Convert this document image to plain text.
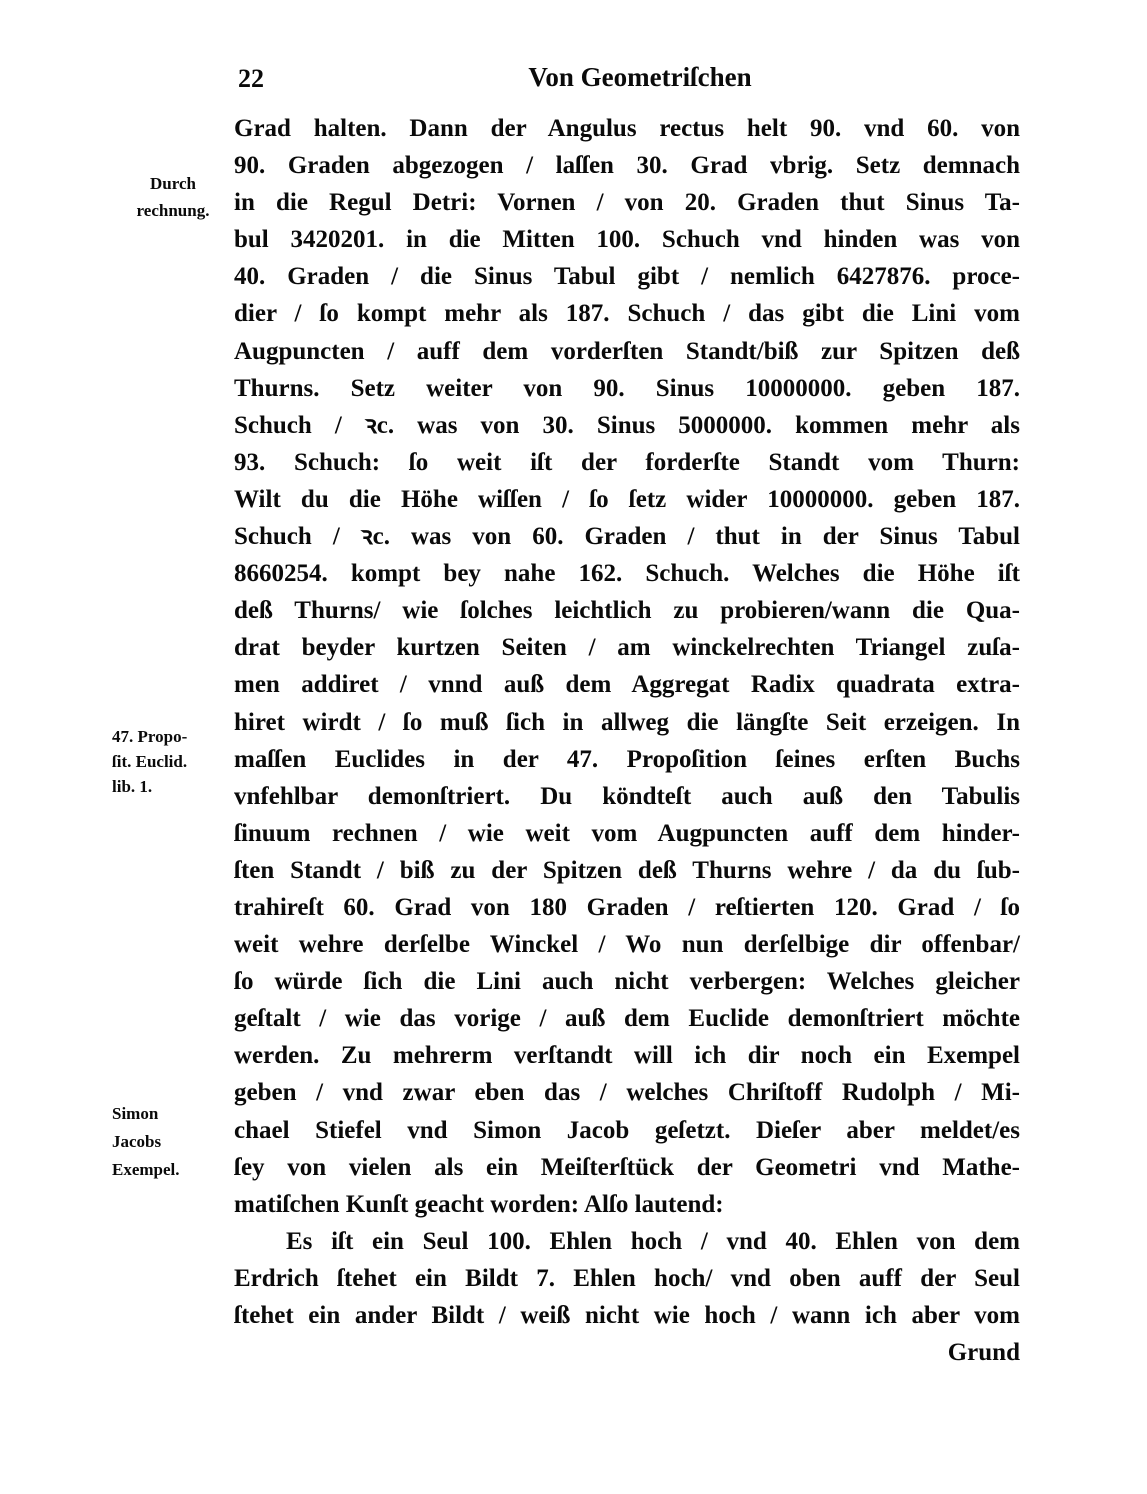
22	Von Geometriſchen
Durch
rechnung.
47. Propo-
ſit. Euclid.
lib. 1.
Simon
Jacobs
Exempel.
Grad halten. Dann der Angulus rectus helt 90. vnd 60. von
90. Graden abgezogen / laſſen 30. Grad vbrig. Setz demnach
in die Regul Detri: Vornen / von 20. Graden thut Sinus Ta-
bul 3420201. in die Mitten 100. Schuch vnd hinden was von
40. Graden / die Sinus Tabul gibt / nemlich 6427876. proce-
dier / ſo kompt mehr als 187. Schuch / das gibt die Lini vom
Augpuncten / auff dem vorderſten Standt/biß zur Spitzen deß
Thurns. Setz weiter von 90. Sinus 10000000. geben 187.
Schuch / ꝛc. was von 30. Sinus 5000000. kommen mehr als
93. Schuch: ſo weit iſt der forderſte Standt vom Thurn:
Wilt du die Höhe wiſſen / ſo ſetz wider 10000000. geben 187.
Schuch / ꝛc. was von 60. Graden / thut in der Sinus Tabul
8660254. kompt bey nahe 162. Schuch. Welches die Höhe iſt
deß Thurns/ wie ſolches leichtlich zu probieren/wann die Qua-
drat beyder kurtzen Seiten / am winckelrechten Triangel zuſa-
men addiret / vnnd auß dem Aggregat Radix quadrata extra-
hiret wirdt / ſo muß ſich in allweg die längſte Seit erzeigen. In
maſſen Euclides in der 47. Propoſition ſeines erſten Buchs
vnfehlbar demonſtriert. Du köndteſt auch auß den Tabulis
ſinuum rechnen / wie weit vom Augpuncten auff dem hinder-
ſten Standt / biß zu der Spitzen deß Thurns wehre / da du ſub-
trahireſt 60. Grad von 180 Graden / reſtierten 120. Grad / ſo
weit wehre derſelbe Winckel / Wo nun derſelbige dir offenbar/
ſo würde ſich die Lini auch nicht verbergen: Welches gleicher
geſtalt / wie das vorige / auß dem Euclide demonſtriert möchte
werden. Zu mehrerm verſtandt will ich dir noch ein Exempel
geben / vnd zwar eben das / welches Chriſtoff Rudolph / Mi-
chael Stiefel vnd Simon Jacob geſetzt. Dieſer aber meldet/es
ſey von vielen als ein Meiſterſtück der Geometri vnd Mathe-
matiſchen Kunſt geacht worden: Alſo lautend:
Es iſt ein Seul 100. Ehlen hoch / vnd 40. Ehlen von dem
Erdrich ſtehet ein Bildt 7. Ehlen hoch/ vnd oben auff der Seul
ſtehet ein ander Bildt / weiß nicht wie hoch / wann ich aber vom
Grund
